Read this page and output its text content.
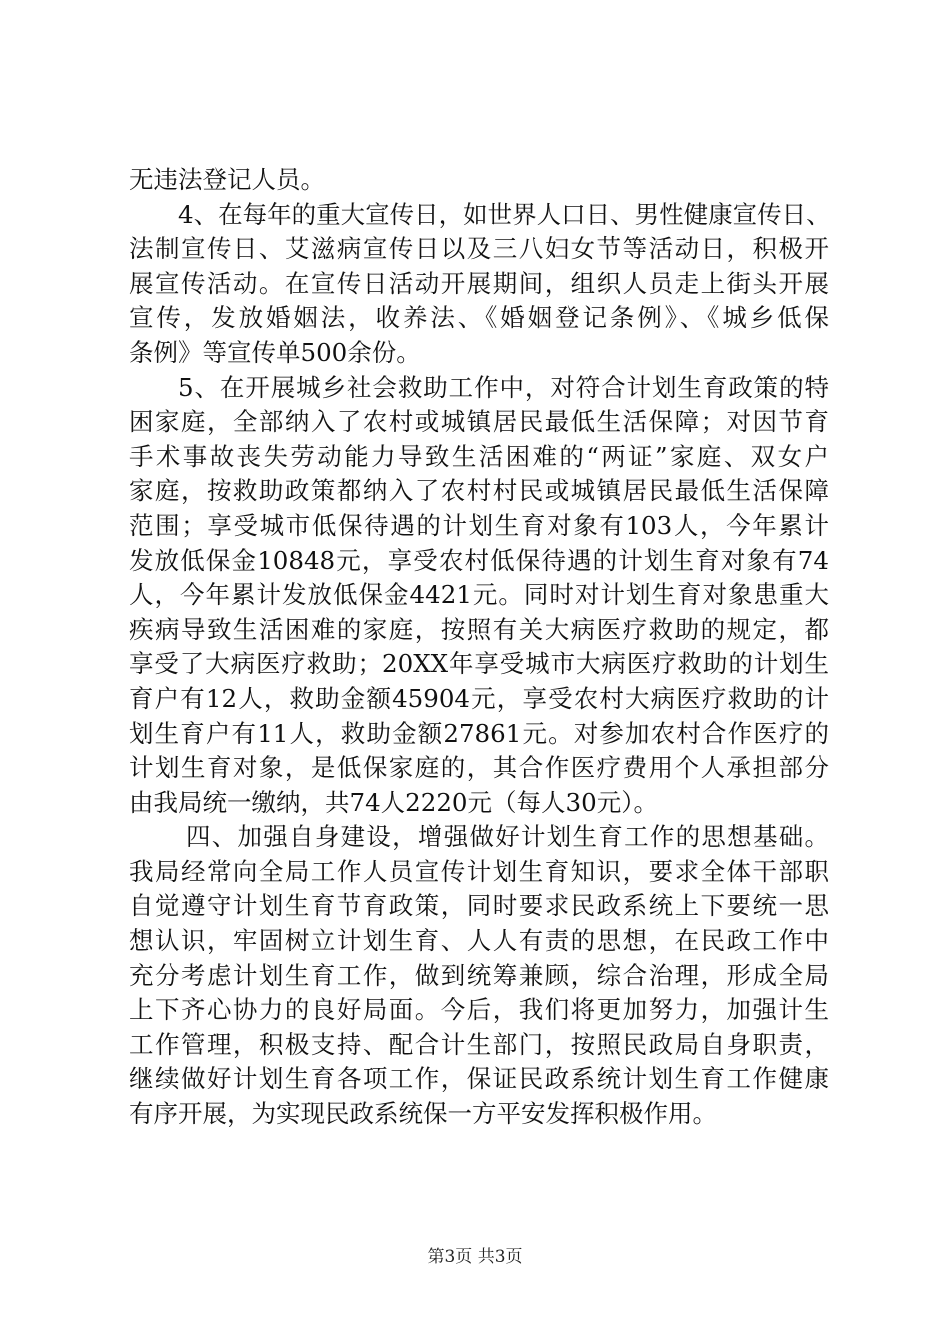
无违法登记人员。
4、在每年的重大宣传日，如世界人口日、男性健康宣传日、
法制宣传日、艾滋病宣传日以及三八妇女节等活动日，积极开
展宣传活动。在宣传日活动开展期间，组织人员走上街头开展
宣传，发放婚姻法，收养法、《婚姻登记条例》、《城乡低保
条例》等宣传单500余份。
5、在开展城乡社会救助工作中，对符合计划生育政策的特
困家庭，全部纳入了农村或城镇居民最低生活保障；对因节育
手术事故丧失劳动能力导致生活困难的“两证”家庭、双女户
家庭，按救助政策都纳入了农村村民或城镇居民最低生活保障
范围；享受城市低保待遇的计划生育对象有103人，今年累计
发放低保金10848元，享受农村低保待遇的计划生育对象有74
人，今年累计发放低保金4421元。同时对计划生育对象患重大
疾病导致生活困难的家庭，按照有关大病医疗救助的规定，都
享受了大病医疗救助；20XX年享受城市大病医疗救助的计划生
育户有12人，救助金额45904元，享受农村大病医疗救助的计
划生育户有11人，救助金额27861元。对参加农村合作医疗的
计划生育对象，是低保家庭的，其合作医疗费用个人承担部分
由我局统一缴纳，共74人2220元（每人30元）。
四、加强自身建设，增强做好计划生育工作的思想基础。
我局经常向全局工作人员宣传计划生育知识，要求全体干部职
自觉遵守计划生育节育政策，同时要求民政系统上下要统一思
想认识，牢固树立计划生育、人人有责的思想，在民政工作中
充分考虑计划生育工作，做到统筹兼顾，综合治理，形成全局
上下齐心协力的良好局面。今后，我们将更加努力，加强计生
工作管理，积极支持、配合计生部门，按照民政局自身职责，
继续做好计划生育各项工作，保证民政系统计划生育工作健康
有序开展，为实现民政系统保一方平安发挥积极作用。
第3页 共3页
